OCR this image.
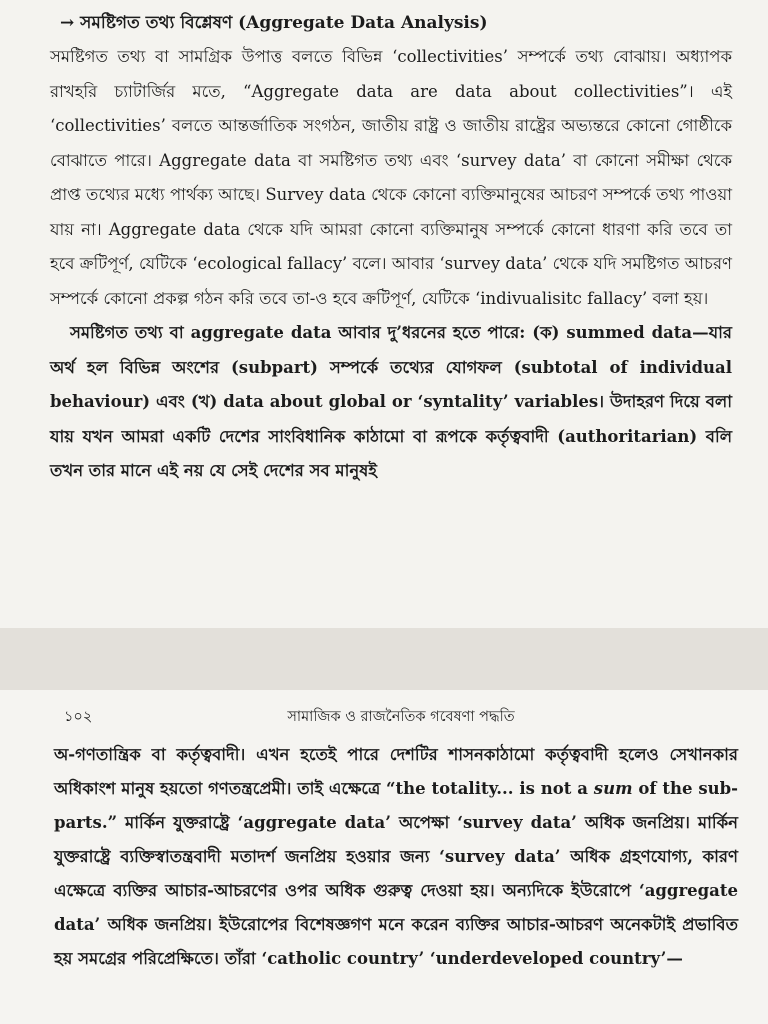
→ সমষ্টিগত তথ্য বিশ্লেষণ (Aggregate Data Analysis)

সমষ্টিগত তথ্য বা সামগ্রিক উপাত্ত বলতে বিভিন্ন ‘collectivities’ সম্পর্কে তথ্য বোঝায়। অধ্যাপক রাখহরি চ্যাটার্জির মতে, “Aggregate data are data about collectivities”। এই ‘collectivities’ বলতে আন্তর্জাতিক সংগঠন, জাতীয় রাষ্ট্র ও জাতীয় রাষ্ট্রের অভ্যন্তরে কোনো গোষ্ঠীকে বোঝাতে পারে। Aggregate data বা সমষ্টিগত তথ্য এবং ‘survey data’ বা কোনো সমীক্ষা থেকে প্রাপ্ত তথ্যের মধ্যে পার্থক্য আছে। Survey data থেকে কোনো ব্যক্তিমানুষের আচরণ সম্পর্কে তথ্য পাওয়া যায় না। Aggregate data থেকে যদি আমরা কোনো ব্যক্তিমানুষ সম্পর্কে কোনো ধারণা করি তবে তা হবে ক্রটিপূর্ণ, যেটিকে ‘ecological fallacy’ বলে। আবার ‘survey data’ থেকে যদি সমষ্টিগত আচরণ সম্পর্কে কোনো প্রকল্প গঠন করি তবে তা-ও হবে ক্রটিপূর্ণ, যেটিকে ‘indivualisitc fallacy’ বলা হয়।

সমষ্টিগত তথ্য বা aggregate data আবার দু’ধরনের হতে পারে: (ক) summed data—যার অর্থ হল বিভিন্ন অংশের (subpart) সম্পর্কে তথ্যের যোগফল (subtotal of individual behaviour) এবং (খ) data about global or ‘syntality’ variables। উদাহরণ দিয়ে বলা যায় যখন আমরা একটি দেশের সাংবিধানিক কাঠামো বা রূপকে কর্তৃত্ববাদী (authoritarian) বলি তখন তার মানে এই নয় যে সেই দেশের সব মানুষই

১০২	সামাজিক ও রাজনৈতিক গবেষণা পদ্ধতি

অ-গণতান্ত্রিক বা কর্তৃত্ববাদী। এখন হতেই পারে দেশটির শাসনকাঠামো কর্তৃত্ববাদী হলেও সেখানকার অধিকাংশ মানুষ হয়তো গণতন্ত্রপ্রেমী। তাই এক্ষেত্রে “the totality... is not a sum of the sub-parts.” মার্কিন যুক্তরাষ্ট্রে ‘aggregate data’ অপেক্ষা ‘survey data’ অধিক জনপ্রিয়। মার্কিন যুক্তরাষ্ট্রে ব্যক্তিস্বাতন্ত্রবাদী মতাদর্শ জনপ্রিয় হওয়ার জন্য ‘survey data’ অধিক গ্রহণযোগ্য, কারণ এক্ষেত্রে ব্যক্তির আচার-আচরণের ওপর অধিক গুরুত্ব দেওয়া হয়। অন্যদিকে ইউরোপে ‘aggregate data’ অধিক জনপ্রিয়। ইউরোপের বিশেষজ্ঞগণ মনে করেন ব্যক্তির আচার-আচরণ অনেকটাই প্রভাবিত হয় সমগ্রের পরিপ্রেক্ষিতে। তাঁরা ‘catholic country’ ‘underdeveloped country’—
